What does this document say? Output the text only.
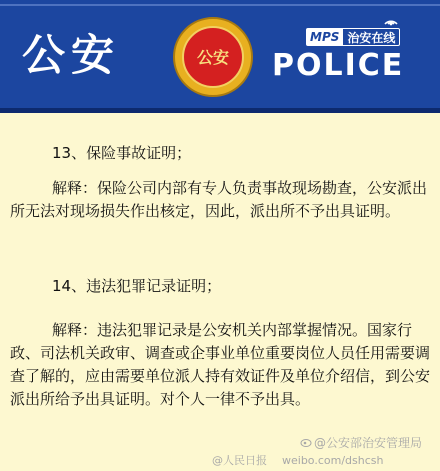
公安	公安 POLICE
MPS 治安在线
13、保险事故证明；
解释：保险公司内部有专人负责事故现场勘查，公安派出所无法对现场损失作出核定，因此，派出所不予出具证明。
14、违法犯罪记录证明；
解释：违法犯罪记录是公安机关内部掌握情况。国家行政、司法机关政审、调查或企事业单位重要岗位人员任用需要调查了解的，应由需要单位派人持有效证件及单位介绍信，到公安派出所给予出具证明。对个人一律不予出具。
@公安部治安管理局
@人民日报 weibo.com/dshcsh
